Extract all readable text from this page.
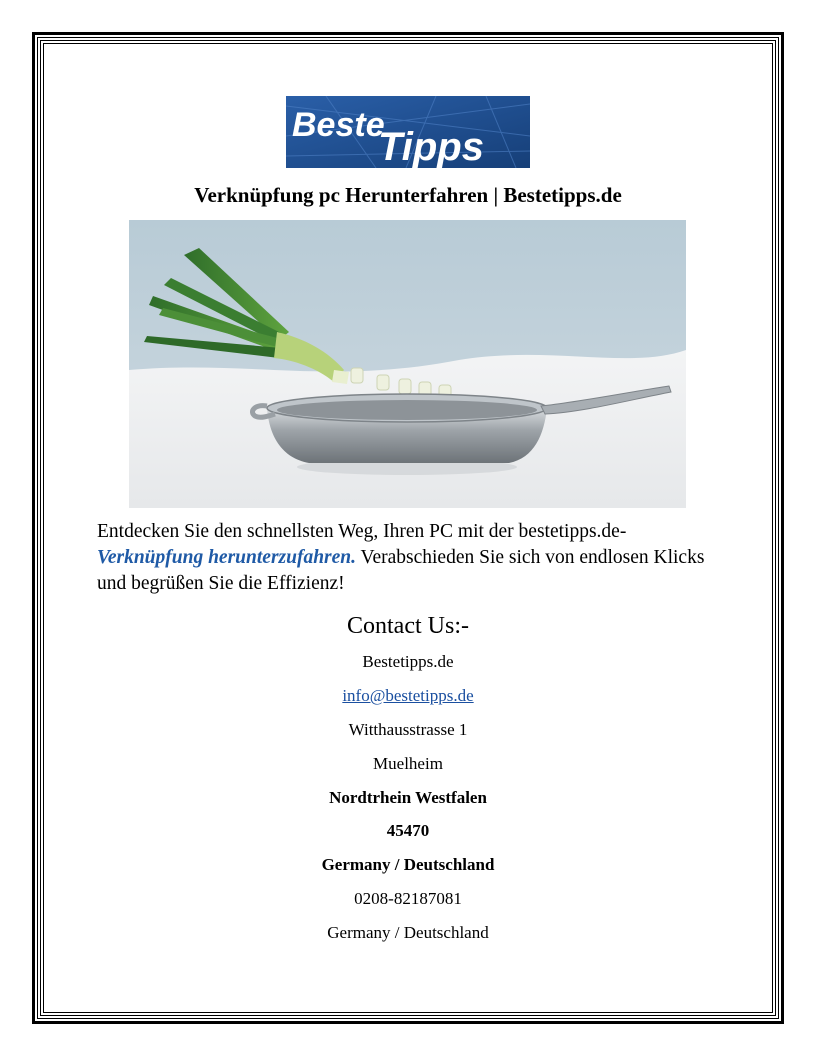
Beste
Tipps
Verknüpfung pc Herunterfahren | Bestetipps.de
Entdecken Sie den schnellsten Weg, Ihren PC mit der bestetipps.de- Verknüpfung herunterzufahren. Verabschieden Sie sich von endlosen Klicks und begrüßen Sie die Effizienz!
Contact Us:-
Bestetipps.de
info@bestetipps.de
Witthausstrasse 1
Muelheim
Nordtrhein Westfalen
45470
Germany / Deutschland
0208-82187081
Germany / Deutschland
